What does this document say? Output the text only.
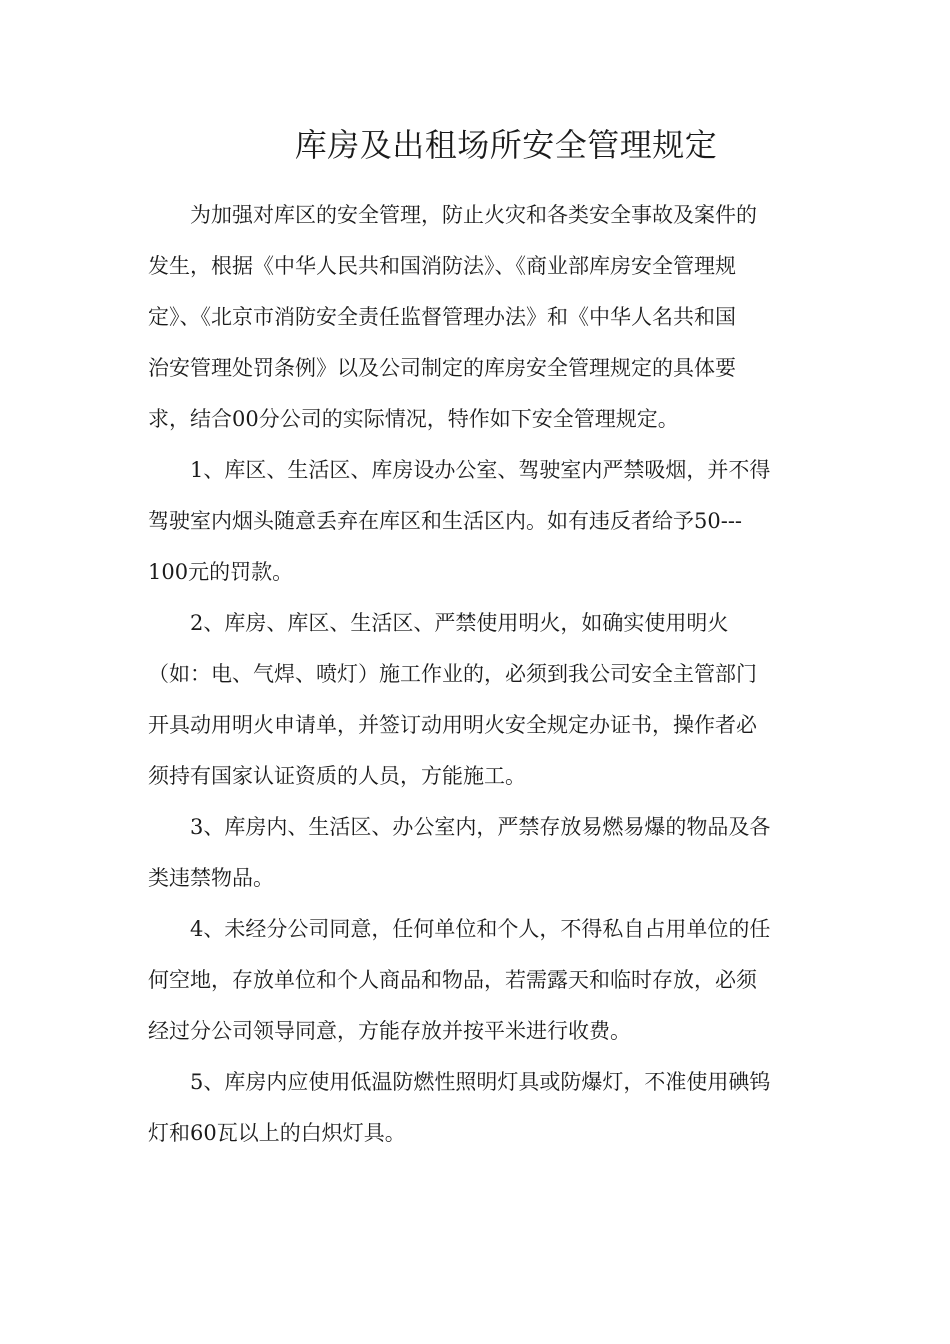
库房及出租场所安全管理规定

为加强对库区的安全管理，防止火灾和各类安全事故及案件的
发生，根据《中华人民共和国消防法》、《商业部库房安全管理规
定》、《北京市消防安全责任监督管理办法》和《中华人名共和国
治安管理处罚条例》以及公司制定的库房安全管理规定的具体要
求，结合00分公司的实际情况，特作如下安全管理规定。

1、库区、生活区、库房设办公室、驾驶室内严禁吸烟，并不得
驾驶室内烟头随意丢弃在库区和生活区内。如有违反者给予50---
100元的罚款。

2、库房、库区、生活区、严禁使用明火，如确实使用明火
（如：电、气焊、喷灯）施工作业的，必须到我公司安全主管部门
开具动用明火申请单，并签订动用明火安全规定办证书，操作者必
须持有国家认证资质的人员，方能施工。

3、库房内、生活区、办公室内，严禁存放易燃易爆的物品及各
类违禁物品。

4、未经分公司同意，任何单位和个人，不得私自占用单位的任
何空地，存放单位和个人商品和物品，若需露天和临时存放，必须
经过分公司领导同意，方能存放并按平米进行收费。

5、库房内应使用低温防燃性照明灯具或防爆灯，不准使用碘钨
灯和60瓦以上的白炽灯具。
